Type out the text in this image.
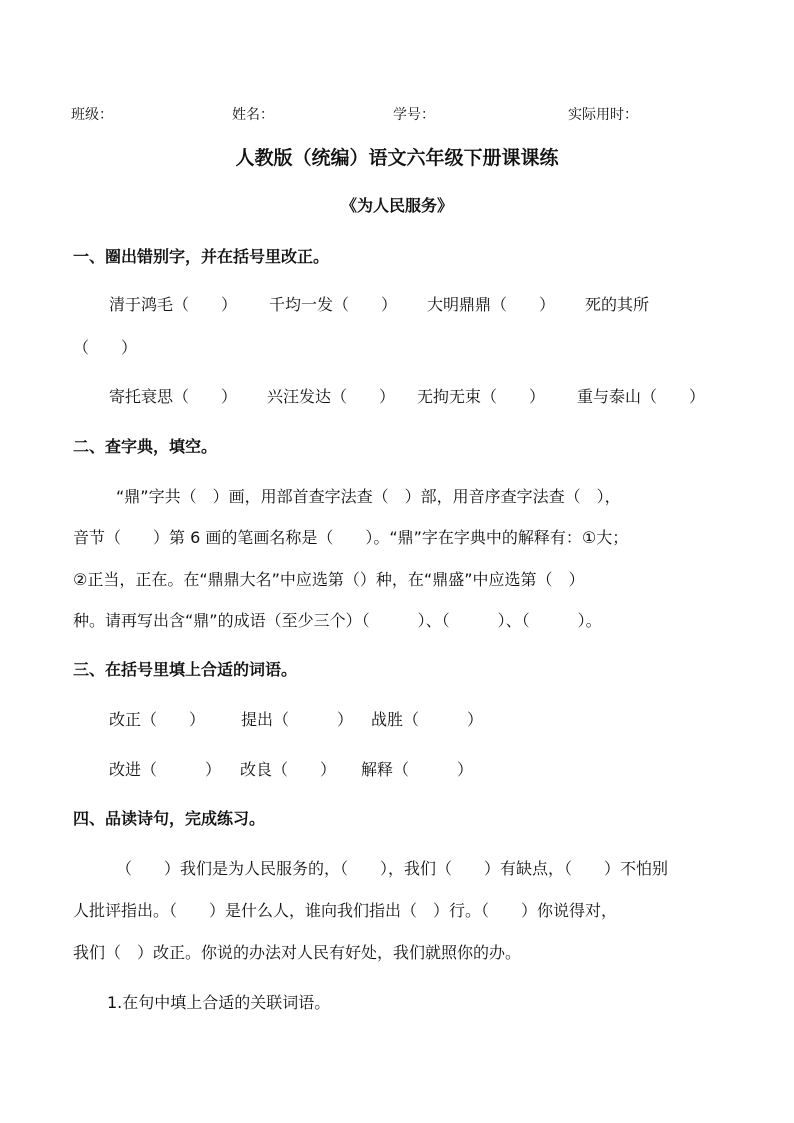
班级：	姓名：	学号：	实际用时：
人教版（统编）语文六年级下册课课练
《为人民服务》
一、圈出错别字，并在括号里改正。
清于鸿毛（　　） 千均一发（　　） 大明鼎鼎（　　） 死的其所
（　　）
寄托衰思（　　） 兴汪发达（　　） 无拘无束（　　） 重与泰山（　　）
二、查字典，填空。
“鼎”字共（　）画，用部首查字法查（　）部，用音序查字法查（　），
音节（　　）第 6 画的笔画名称是（　　）。“鼎”字在字典中的解释有：①大；
②正当，正在。在“鼎鼎大名”中应选第（）种，在“鼎盛”中应选第（　）
种。请再写出含“鼎”的成语（至少三个）（　　　）、（　　　）、（　　　）。
三、在括号里填上合适的词语。
改正（　　） 提出（　　　） 战胜（　　　）
改进（　　　） 改良（　　） 解释（　　　）
四、品读诗句，完成练习。
（　　）我们是为人民服务的，（　　），我们（　　）有缺点，（　　）不怕别
人批评指出。（　　）是什么人，谁向我们指出（　）行。（　　）你说得对，
我们（　）改正。你说的办法对人民有好处，我们就照你的办。
1.在句中填上合适的关联词语。
